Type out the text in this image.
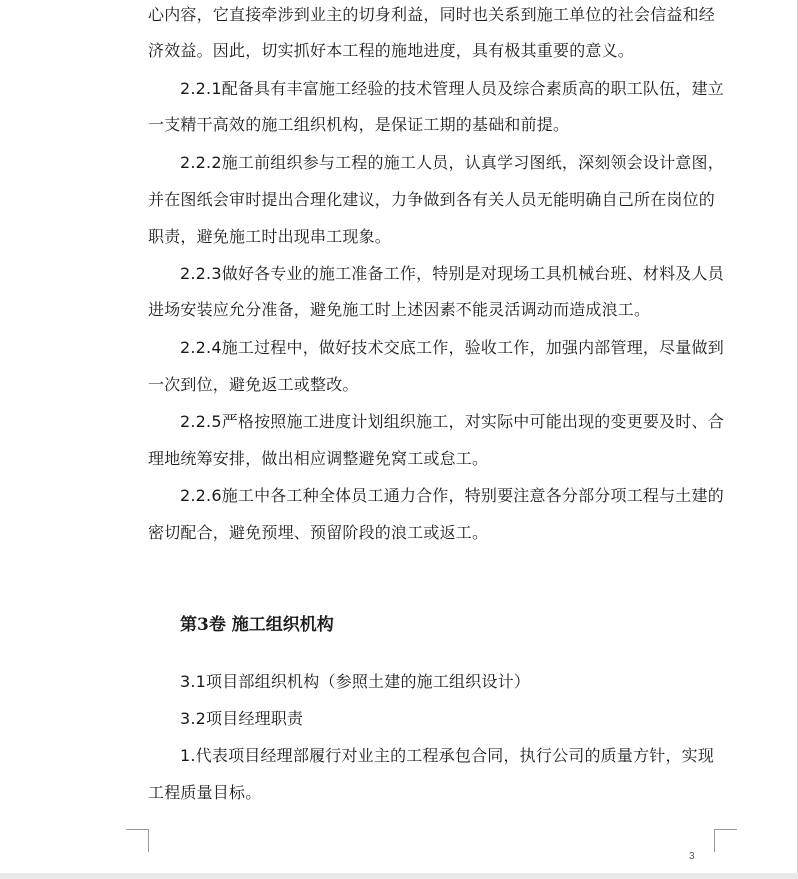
心内容，它直接牵涉到业主的切身利益，同时也关系到施工单位的社会信益和经
济效益。因此，切实抓好本工程的施地进度，具有极其重要的意义。
2.2.1配备具有丰富施工经验的技术管理人员及综合素质高的职工队伍，建立
一支精干高效的施工组织机构，是保证工期的基础和前提。
2.2.2施工前组织参与工程的施工人员，认真学习图纸，深刻领会设计意图，
并在图纸会审时提出合理化建议，力争做到各有关人员无能明确自己所在岗位的
职责，避免施工时出现串工现象。
2.2.3做好各专业的施工准备工作，特别是对现场工具机械台班、材料及人员
进场安装应允分准备，避免施工时上述因素不能灵活调动而造成浪工。
2.2.4施工过程中，做好技术交底工作，验收工作，加强内部管理，尽量做到
一次到位，避免返工或整改。
2.2.5严格按照施工进度计划组织施工，对实际中可能出现的变更要及时、合
理地统筹安排，做出相应调整避免窝工或怠工。
2.2.6施工中各工种全体员工通力合作，特别要注意各分部分项工程与土建的
密切配合，避免预埋、预留阶段的浪工或返工。
第3卷 施工组织机构
3.1项目部组织机构（参照土建的施工组织设计）
3.2项目经理职责
1.代表项目经理部履行对业主的工程承包合同，执行公司的质量方针，实现
工程质量目标。
3
